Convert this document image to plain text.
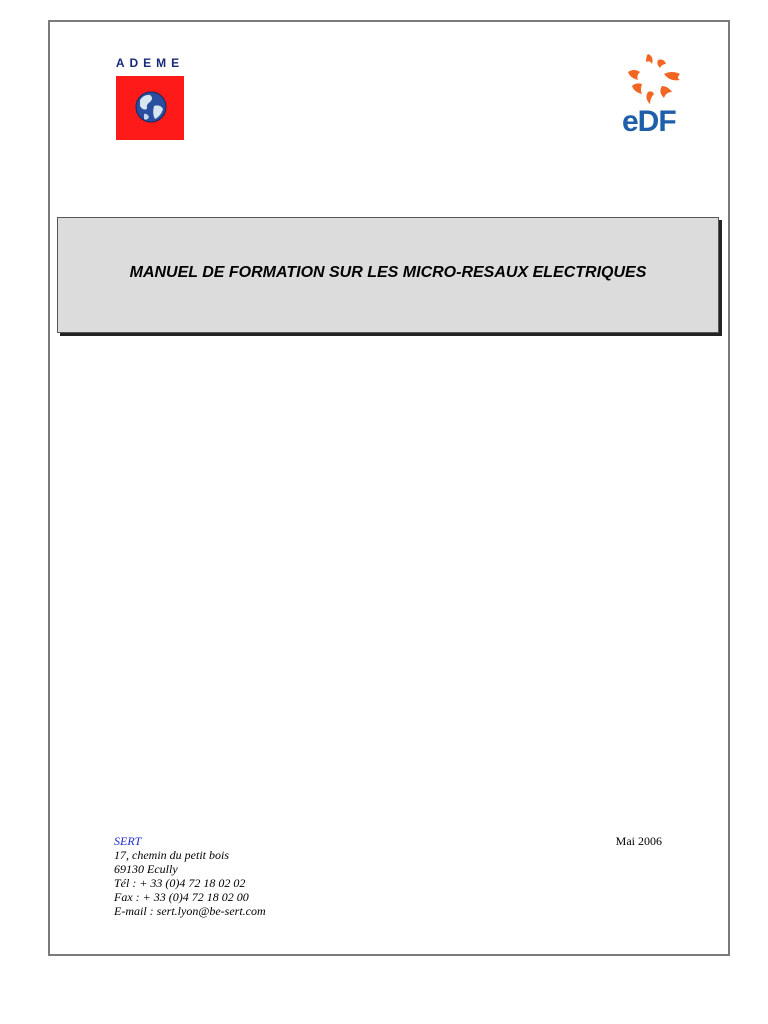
ADEME
eDF
MANUEL DE FORMATION SUR LES MICRO-RESAUX ELECTRIQUES
SERT
17, chemin du petit bois
69130 Ecully
Tél : + 33 (0)4 72 18 02 02
Fax : + 33 (0)4 72 18 02 00
E-mail : sert.lyon@be-sert.com
Mai 2006
